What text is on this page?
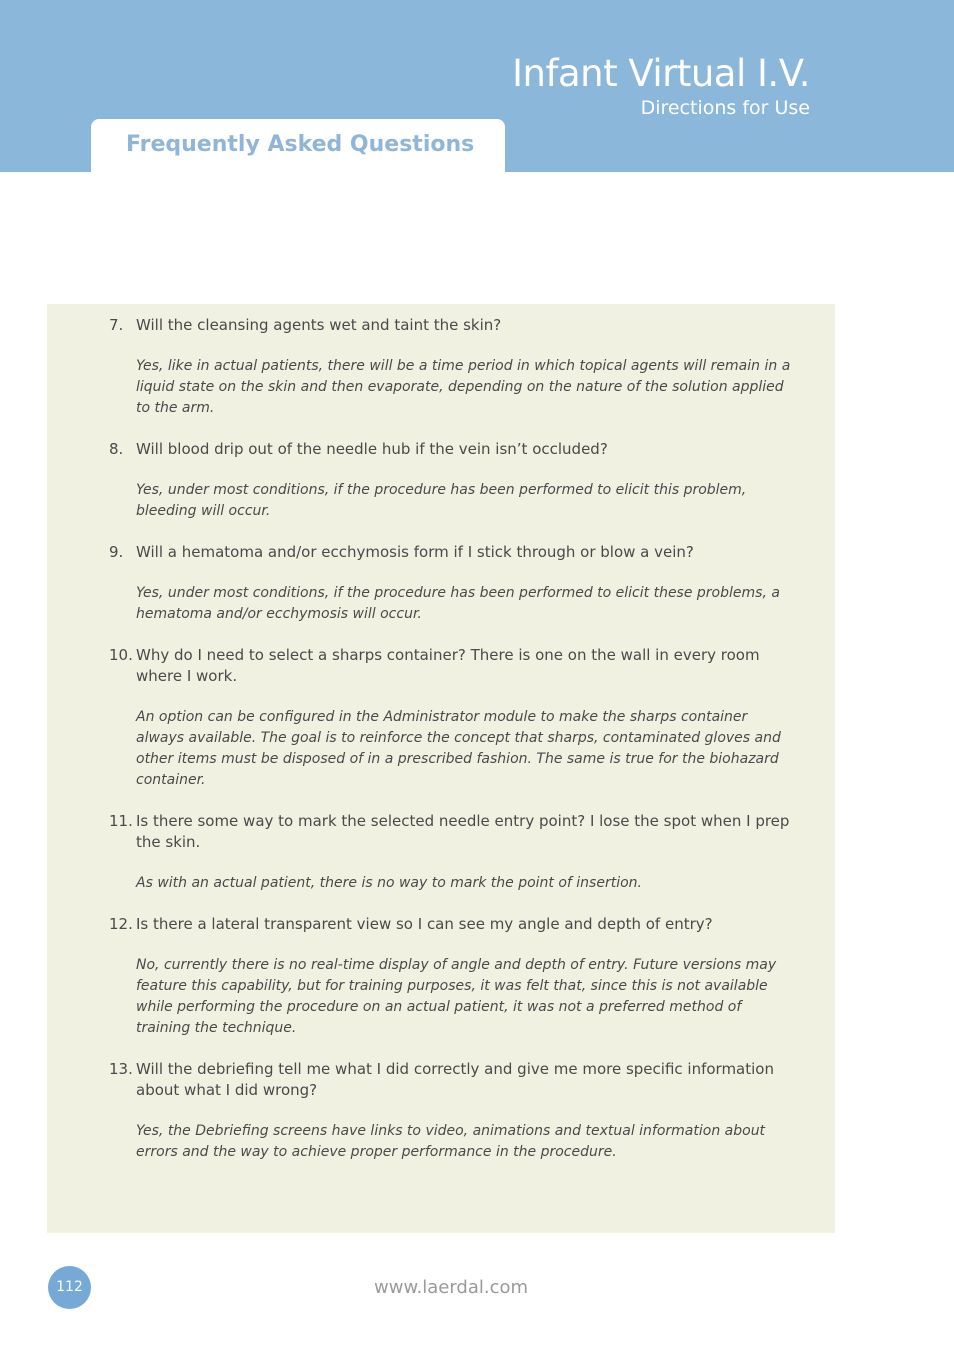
Infant Virtual I.V.
Directions for Use
Frequently Asked Questions
7. Will the cleansing agents wet and taint the skin?
Yes, like in actual patients, there will be a time period in which topical agents will remain in a liquid state on the skin and then evaporate, depending on the nature of the solution applied to the arm.
8. Will blood drip out of the needle hub if the vein isn’t occluded?
Yes, under most conditions, if the procedure has been performed to elicit this problem, bleeding will occur.
9. Will a hematoma and/or ecchymosis form if I stick through or blow a vein?
Yes, under most conditions, if the procedure has been performed to elicit these problems, a hematoma and/or ecchymosis will occur.
10. Why do I need to select a sharps container? There is one on the wall in every room where I work.
An option can be configured in the Administrator module to make the sharps container always available. The goal is to reinforce the concept that sharps, contaminated gloves and other items must be disposed of in a prescribed fashion. The same is true for the biohazard container.
11. Is there some way to mark the selected needle entry point? I lose the spot when I prep the skin.
As with an actual patient, there is no way to mark the point of insertion.
12. Is there a lateral transparent view so I can see my angle and depth of entry?
No, currently there is no real-time display of angle and depth of entry. Future versions may feature this capability, but for training purposes, it was felt that, since this is not available while performing the procedure on an actual patient, it was not a preferred method of training the technique.
13. Will the debriefing tell me what I did correctly and give me more specific information about what I did wrong?
Yes, the Debriefing screens have links to video, animations and textual information about errors and the way to achieve proper performance in the procedure.
112	www.laerdal.com
